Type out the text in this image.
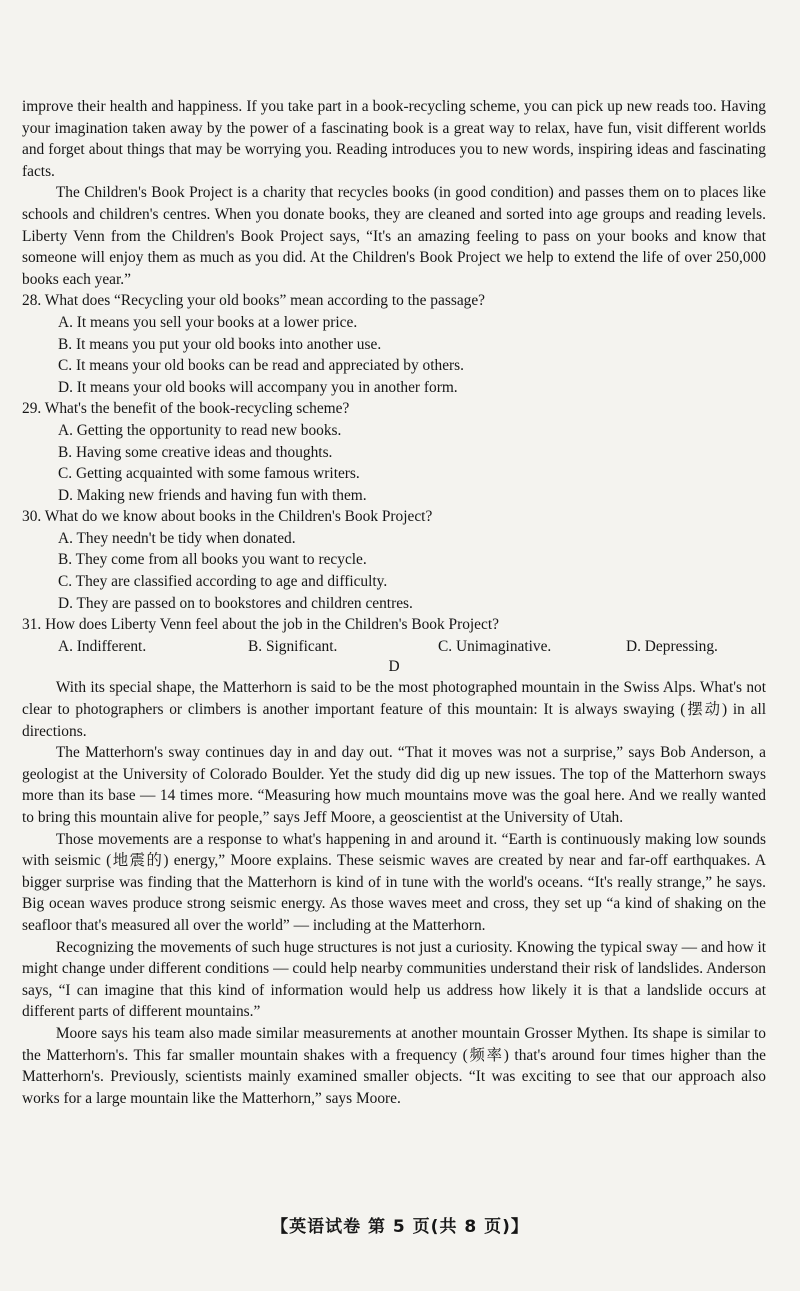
improve their health and happiness. If you take part in a book-recycling scheme, you can pick up new reads too. Having your imagination taken away by the power of a fascinating book is a great way to relax, have fun, visit different worlds and forget about things that may be worrying you. Reading introduces you to new words, inspiring ideas and fascinating facts.

The Children's Book Project is a charity that recycles books (in good condition) and passes them on to places like schools and children's centres. When you donate books, they are cleaned and sorted into age groups and reading levels. Liberty Venn from the Children's Book Project says, “It's an amazing feeling to pass on your books and know that someone will enjoy them as much as you did. At the Children's Book Project we help to extend the life of over 250,000 books each year.”

28. What does “Recycling your old books” mean according to the passage?

A. It means you sell your books at a lower price.

B. It means you put your old books into another use.

C. It means your old books can be read and appreciated by others.

D. It means your old books will accompany you in another form.

29. What's the benefit of the book-recycling scheme?

A. Getting the opportunity to read new books.

B. Having some creative ideas and thoughts.

C. Getting acquainted with some famous writers.

D. Making new friends and having fun with them.

30. What do we know about books in the Children's Book Project?

A. They needn't be tidy when donated.

B. They come from all books you want to recycle.

C. They are classified according to age and difficulty.

D. They are passed on to bookstores and children centres.

31. How does Liberty Venn feel about the job in the Children's Book Project?

A. Indifferent.	B. Significant.	C. Unimaginative.	D. Depressing.

D

With its special shape, the Matterhorn is said to be the most photographed mountain in the Swiss Alps. What's not clear to photographers or climbers is another important feature of this mountain: It is always swaying (摆动) in all directions.

The Matterhorn's sway continues day in and day out. “That it moves was not a surprise,” says Bob Anderson, a geologist at the University of Colorado Boulder. Yet the study did dig up new issues. The top of the Matterhorn sways more than its base — 14 times more. “Measuring how much mountains move was the goal here. And we really wanted to bring this mountain alive for people,” says Jeff Moore, a geoscientist at the University of Utah.

Those movements are a response to what's happening in and around it. “Earth is continuously making low sounds with seismic (地震的) energy,” Moore explains. These seismic waves are created by near and far-off earthquakes. A bigger surprise was finding that the Matterhorn is kind of in tune with the world's oceans. “It's really strange,” he says. Big ocean waves produce strong seismic energy. As those waves meet and cross, they set up “a kind of shaking on the seafloor that's measured all over the world” — including at the Matterhorn.

Recognizing the movements of such huge structures is not just a curiosity. Knowing the typical sway — and how it might change under different conditions — could help nearby communities understand their risk of landslides. Anderson says, “I can imagine that this kind of information would help us address how likely it is that a landslide occurs at different parts of different mountains.”

Moore says his team also made similar measurements at another mountain Grosser Mythen. Its shape is similar to the Matterhorn's. This far smaller mountain shakes with a frequency (频率) that's around four times higher than the Matterhorn's. Previously, scientists mainly examined smaller objects. “It was exciting to see that our approach also works for a large mountain like the Matterhorn,” says Moore.

【英语试卷 第 5 页(共 8 页)】
